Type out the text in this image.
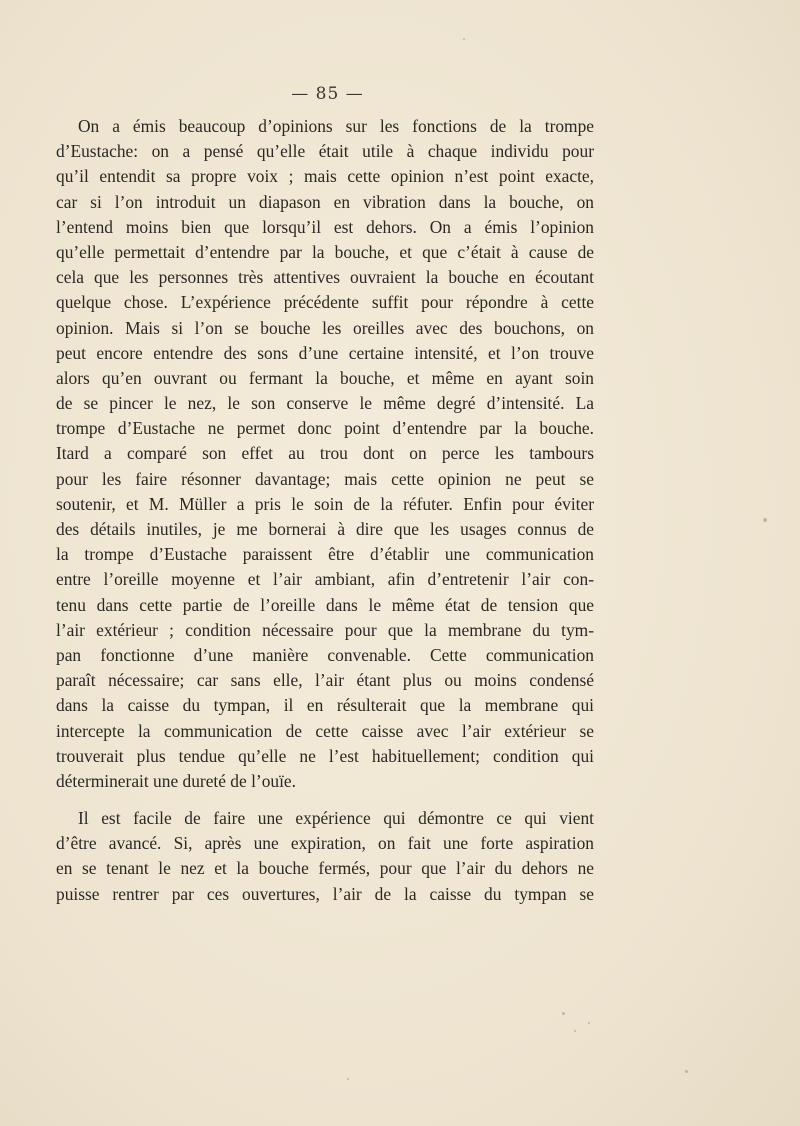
— 85 —
On a émis beaucoup d’opinions sur les fonctions de la trompe
d’Eustache: on a pensé qu’elle était utile à chaque individu pour
qu’il entendit sa propre voix ; mais cette opinion n’est point exacte,
car si l’on introduit un diapason en vibration dans la bouche, on
l’entend moins bien que lorsqu’il est dehors. On a émis l’opinion
qu’elle permettait d’entendre par la bouche, et que c’était à cause de
cela que les personnes très attentives ouvraient la bouche en écoutant
quelque chose. L’expérience précédente suffit pour répondre à cette
opinion. Mais si l’on se bouche les oreilles avec des bouchons, on
peut encore entendre des sons d’une certaine intensité, et l’on trouve
alors qu’en ouvrant ou fermant la bouche, et même en ayant soin
de se pincer le nez, le son conserve le même degré d’intensité. La
trompe d’Eustache ne permet donc point d’entendre par la bouche.
Itard a comparé son effet au trou dont on perce les tambours
pour les faire résonner davantage; mais cette opinion ne peut se
soutenir, et M. Müller a pris le soin de la réfuter. Enfin pour éviter
des détails inutiles, je me bornerai à dire que les usages connus de
la trompe d’Eustache paraissent être d’établir une communication
entre l’oreille moyenne et l’air ambiant, afin d’entretenir l’air con-
tenu dans cette partie de l’oreille dans le même état de tension que
l’air extérieur ; condition nécessaire pour que la membrane du tym-
pan fonctionne d’une manière convenable. Cette communication
paraît nécessaire; car sans elle, l’air étant plus ou moins condensé
dans la caisse du tympan, il en résulterait que la membrane qui
intercepte la communication de cette caisse avec l’air extérieur se
trouverait plus tendue qu’elle ne l’est habituellement; condition qui
déterminerait une dureté de l’ouïe.
Il est facile de faire une expérience qui démontre ce qui vient
d’être avancé. Si, après une expiration, on fait une forte aspiration
en se tenant le nez et la bouche fermés, pour que l’air du dehors ne
puisse rentrer par ces ouvertures, l’air de la caisse du tympan se
